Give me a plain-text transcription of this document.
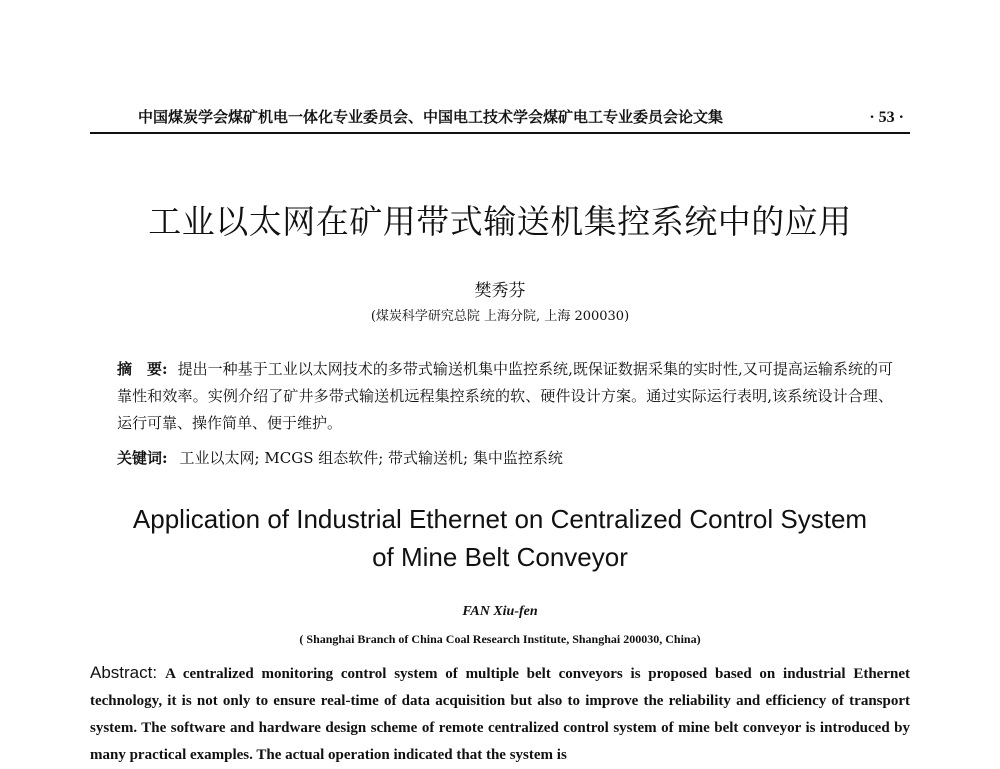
中国煤炭学会煤矿机电一体化专业委员会、中国电工技术学会煤矿电工专业委员会论文集	· 53 ·
工业以太网在矿用带式输送机集控系统中的应用
樊秀芬
(煤炭科学研究总院 上海分院, 上海 200030)
摘　要: 提出一种基于工业以太网技术的多带式输送机集中监控系统,既保证数据采集的实时性,又可提高运输系统的可靠性和效率。实例介绍了矿井多带式输送机远程集控系统的软、硬件设计方案。通过实际运行表明,该系统设计合理、运行可靠、操作简单、便于维护。
关键词: 工业以太网; MCGS 组态软件; 带式输送机; 集中监控系统
Application of Industrial Ethernet on Centralized Control System
of Mine Belt Conveyor
FAN Xiu-fen
( Shanghai Branch of China Coal Research Institute, Shanghai 200030, China)
Abstract: A centralized monitoring control system of multiple belt conveyors is proposed based on industrial Ethernet technology, it is not only to ensure real-time of data acquisition but also to improve the reliability and efficiency of transport system. The software and hardware design scheme of remote centralized control system of mine belt conveyor is introduced by many practical examples. The actual operation indicated that the system is
